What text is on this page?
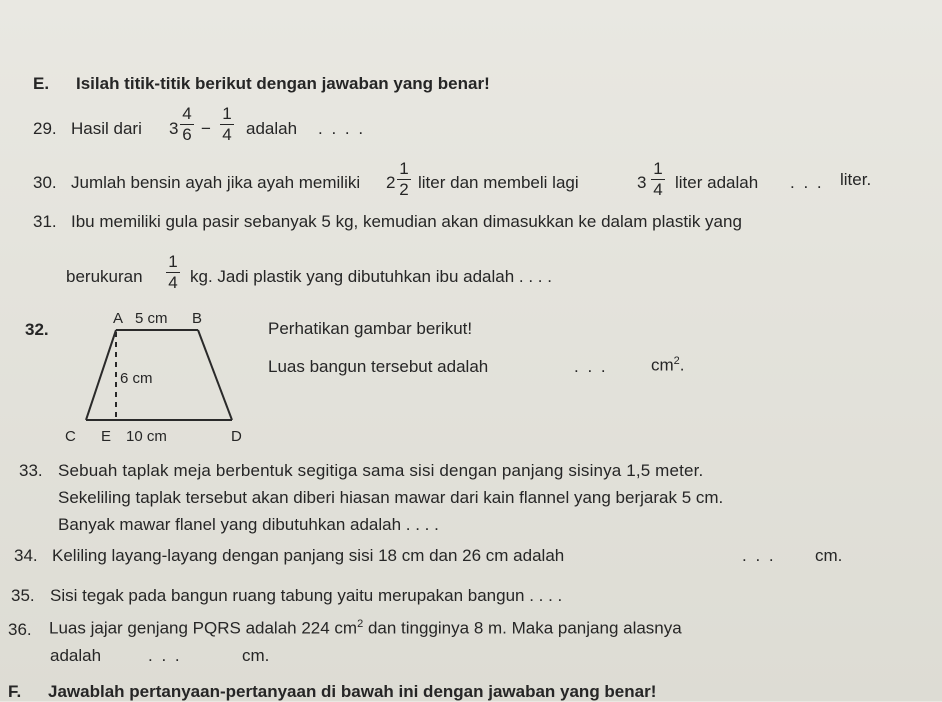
E. Isilah titik-titik berikut dengan jawaban yang benar!
29. Hasil dari 3
4
6 −
1
4 adalah . . . .
30. Jumlah bensin ayah jika ayah memiliki 2
1
2 liter dan membeli lagi	3
1
4 liter adalah . . . liter.
31. Ibu memiliki gula pasir sebanyak 5 kg, kemudian akan dimasukkan ke dalam plastik yang
berukuran
1
4 kg. Jadi plastik yang dibutuhkan ibu adalah . . . .
32.
A 5 cm B
6 cm
C E 10 cm	D
Perhatikan gambar berikut!
Luas bangun tersebut adalah	. . .	$cm^2$.
33. Sebuah taplak meja berbentuk segitiga sama sisi dengan panjang sisinya 1,5 meter.
Sekeliling taplak tersebut akan diberi hiasan mawar dari kain flannel yang berjarak 5 cm.
Banyak mawar flanel yang dibutuhkan adalah . . . .
34. Keliling layang-layang dengan panjang sisi 18 cm dan 26 cm adalah	. . . cm.
35. Sisi tegak pada bangun ruang tabung yaitu merupakan bangun . . . .
36. Luas jajar genjang PQRS adalah 224 $cm^2$ dan tingginya 8 m. Maka panjang alasnya
adalah	. . .	cm.
F. Jawablah pertanyaan-pertanyaan di bawah ini dengan jawaban yang benar!
